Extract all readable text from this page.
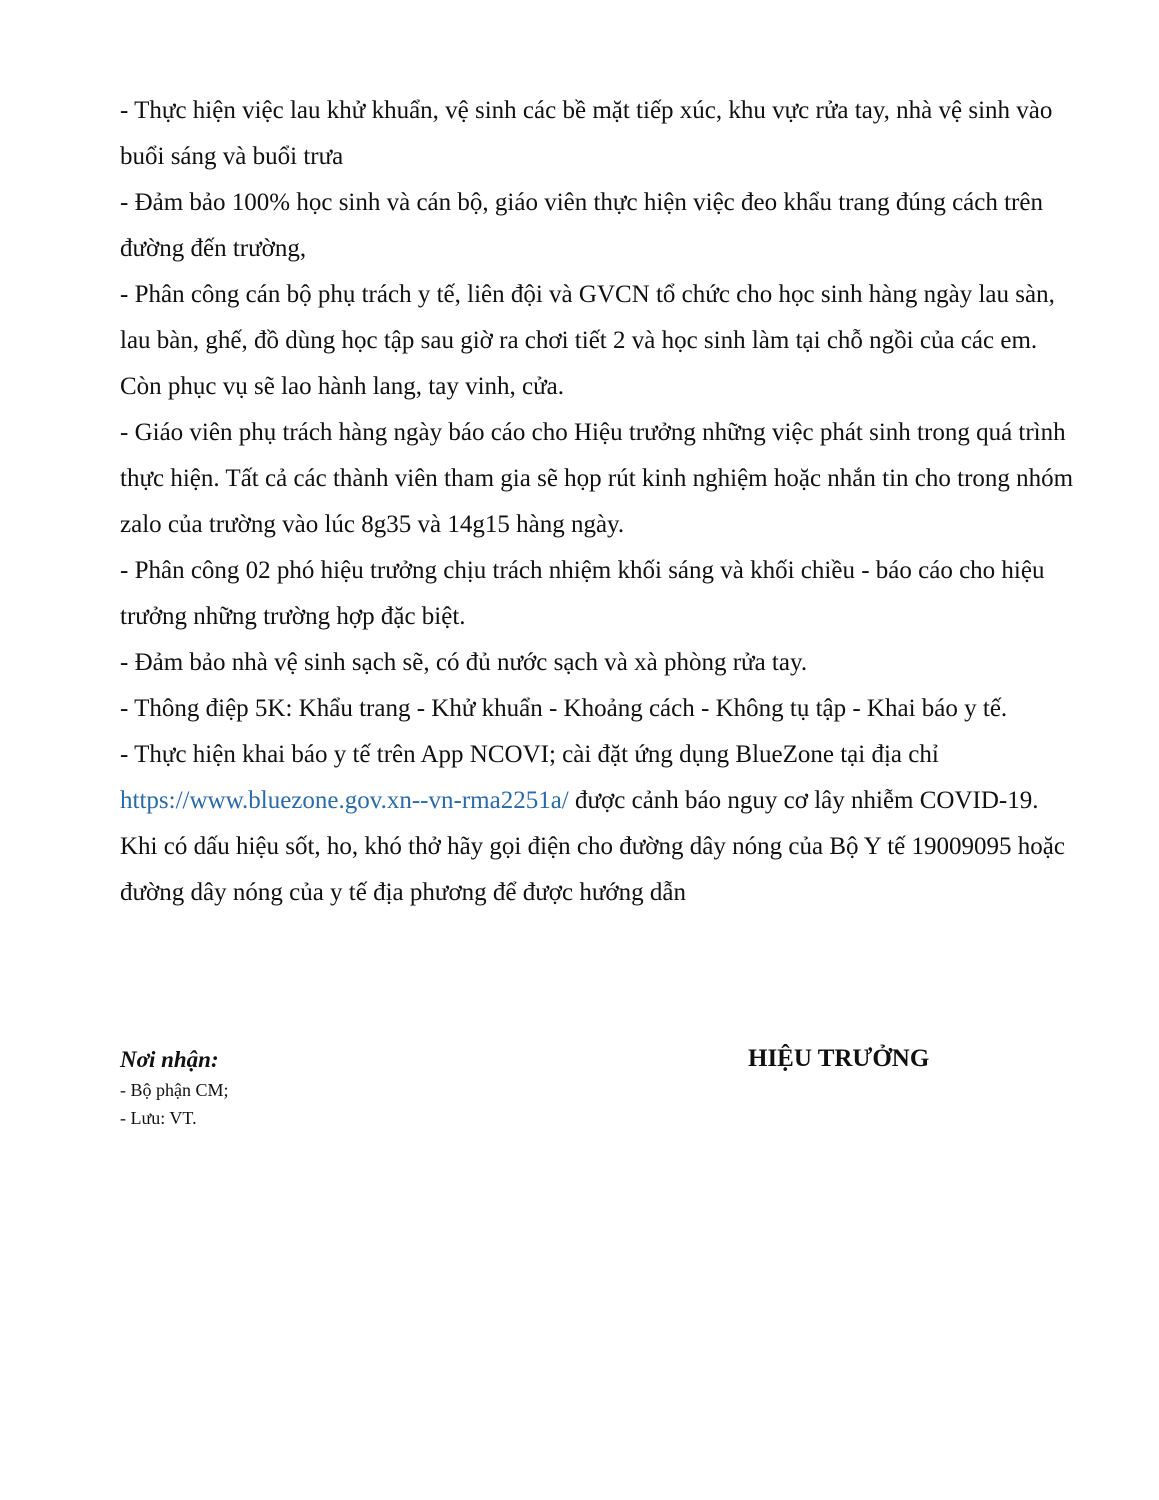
- Thực hiện việc lau khử khuẩn, vệ sinh các bề mặt tiếp xúc, khu vực rửa tay, nhà vệ sinh vào buổi sáng và buổi trưa

- Đảm bảo 100% học sinh và cán bộ, giáo viên thực hiện việc đeo khẩu trang đúng cách trên đường đến trường,

- Phân công cán bộ phụ trách y tế, liên đội và GVCN tổ chức cho học sinh hàng ngày lau sàn, lau bàn, ghế, đồ dùng học tập sau giờ ra chơi tiết 2 và học sinh làm tại chỗ ngồi của các em. Còn phục vụ sẽ lao hành lang, tay vinh, cửa.

- Giáo viên phụ trách hàng ngày báo cáo cho Hiệu trưởng những việc phát sinh trong quá trình thực hiện. Tất cả các thành viên tham gia sẽ họp rút kinh nghiệm hoặc nhắn tin cho trong nhóm zalo của trường vào lúc 8g35 và 14g15 hàng ngày.

- Phân công 02 phó hiệu trưởng chịu trách nhiệm khối sáng và khối chiều - báo cáo cho hiệu trưởng những trường hợp đặc biệt.

- Đảm bảo nhà vệ sinh sạch sẽ, có đủ nước sạch và xà phòng rửa tay.

- Thông điệp 5K: Khẩu trang - Khử khuẩn - Khoảng cách - Không tụ tập - Khai báo y tế.

- Thực hiện khai báo y tế trên App NCOVI; cài đặt ứng dụng BlueZone tại địa chỉ https://www.bluezone.gov.xn--vn-rma2251a/ được cảnh báo nguy cơ lây nhiễm COVID-19. Khi có dấu hiệu sốt, ho, khó thở hãy gọi điện cho đường dây nóng của Bộ Y tế 19009095 hoặc đường dây nóng của y tế địa phương để được hướng dẫn

Nơi nhận:
- Bộ phận CM;
- Lưu: VT.
HIỆU TRƯỞNG
